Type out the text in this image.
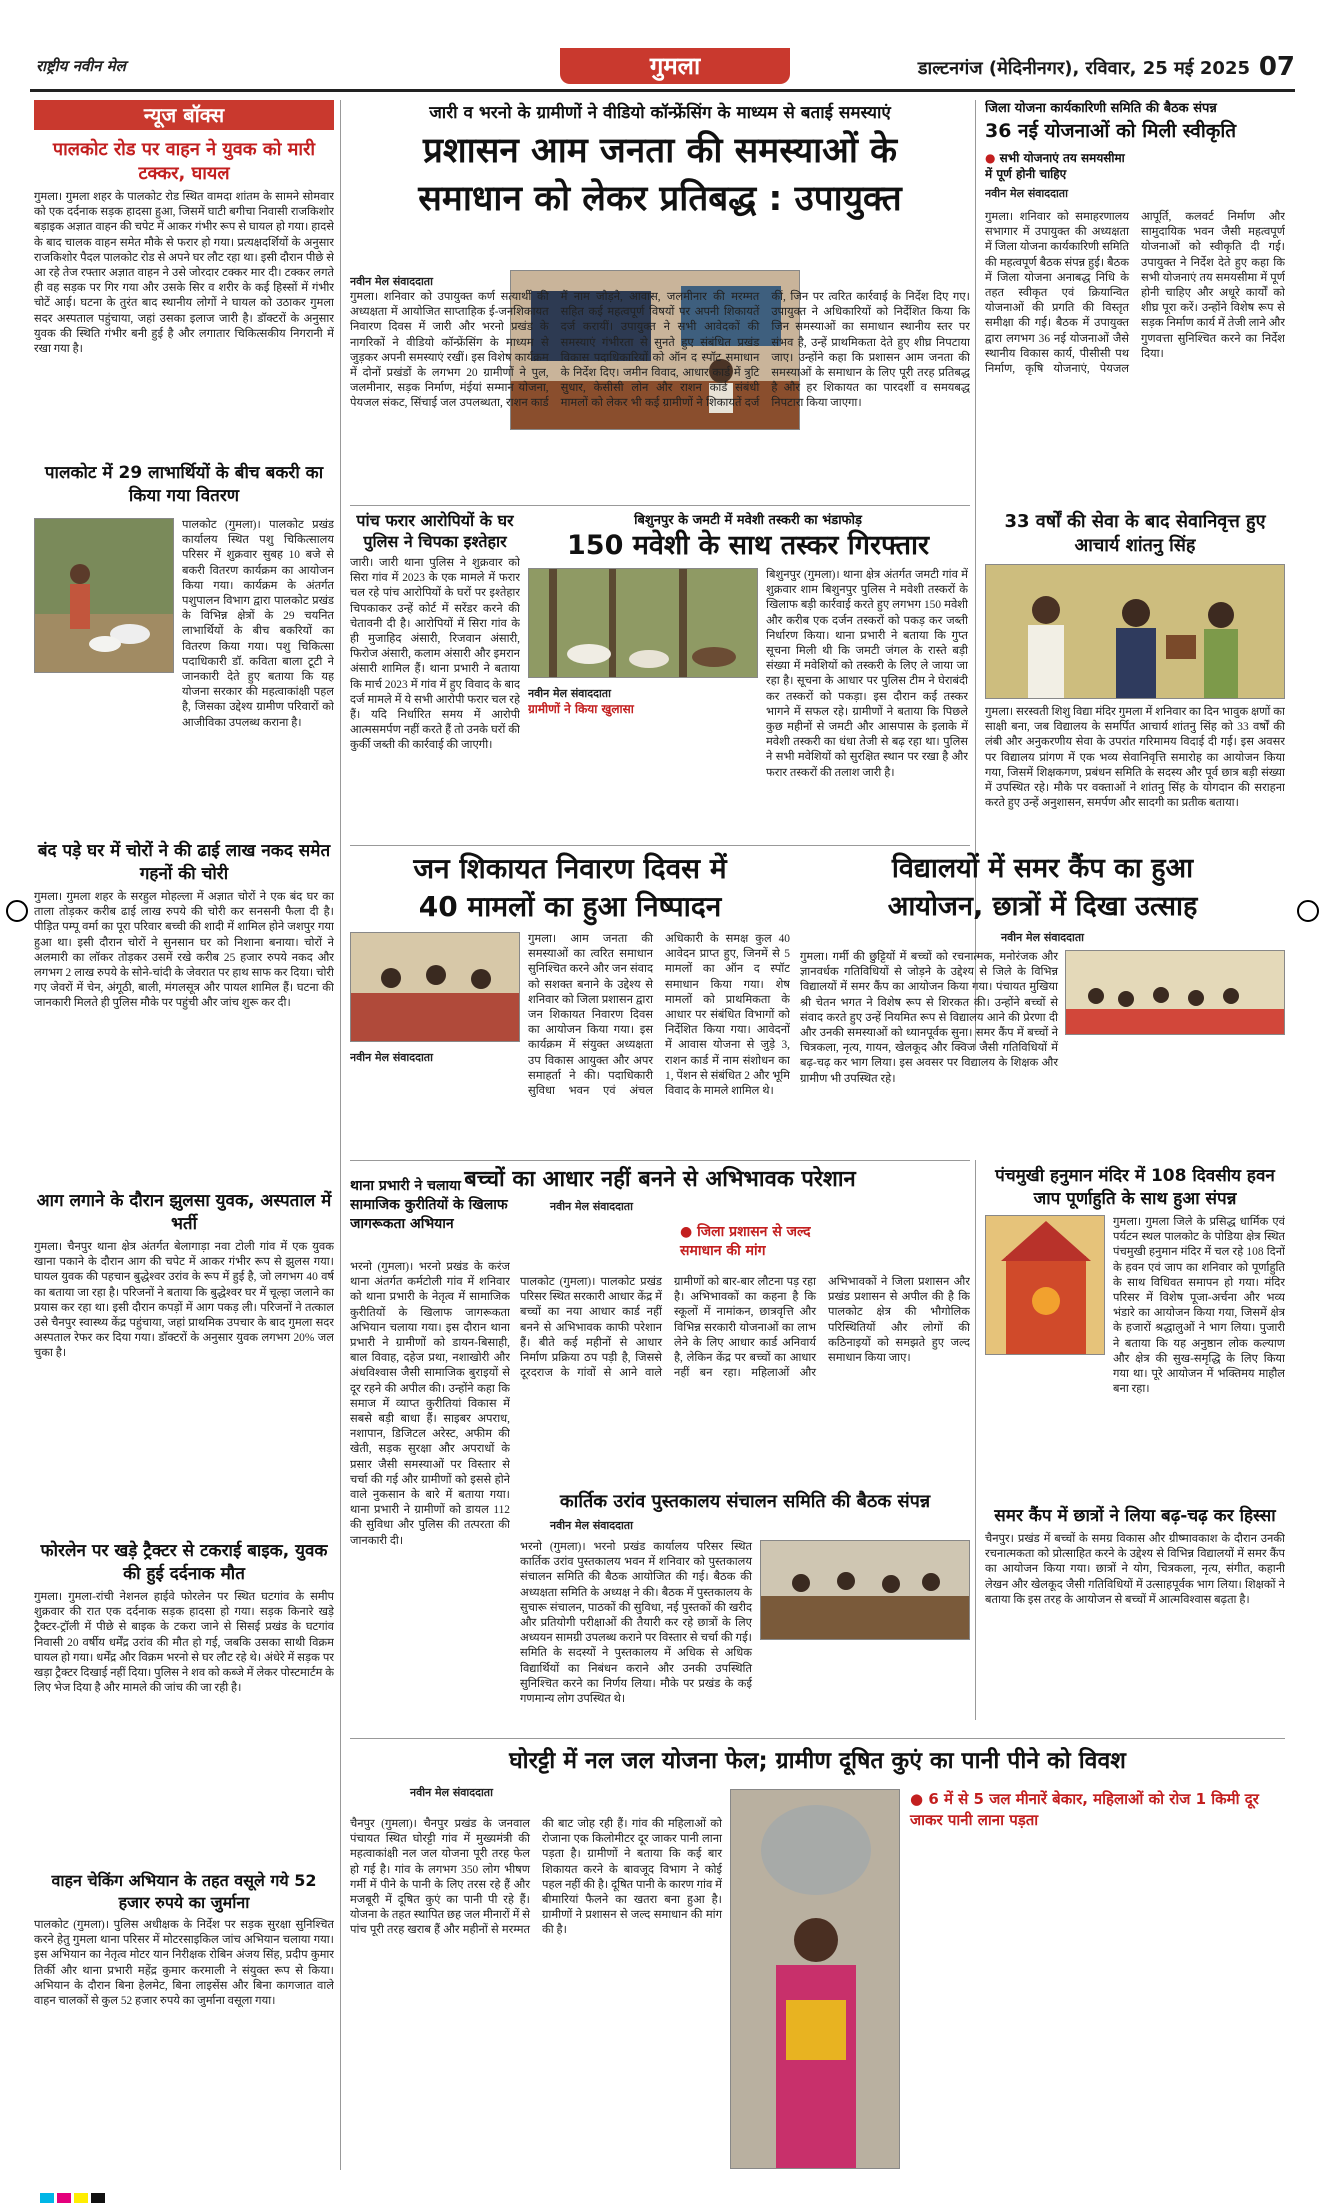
राष्ट्रीय नवीन मेल	गुमला	डाल्टनगंज (मेदिनीनगर), रविवार, 25 मई 2025 07
न्यूज बॉक्स
पालकोट रोड पर वाहन ने युवक को मारी टक्कर, घायल
गुमला। गुमला शहर के पालकोट रोड स्थित वामदा शांतम के सामने सोमवार को एक दर्दनाक सड़क हादसा हुआ, जिसमें घाटी बगीचा निवासी राजकिशोर बड़ाइक अज्ञात वाहन की चपेट में आकर गंभीर रूप से घायल हो गया। हादसे के बाद चालक वाहन समेत मौके से फरार हो गया। प्रत्यक्षदर्शियों के अनुसार राजकिशोर पैदल पालकोट रोड से अपने घर लौट रहा था। इसी दौरान पीछे से आ रहे तेज रफ्तार अज्ञात वाहन ने उसे जोरदार टक्कर मार दी। टक्कर लगते ही वह सड़क पर गिर गया और उसके सिर व शरीर के कई हिस्सों में गंभीर चोटें आई। घटना के तुरंत बाद स्थानीय लोगों ने घायल को उठाकर गुमला सदर अस्पताल पहुंचाया, जहां उसका इलाज जारी है। डॉक्टरों के अनुसार युवक की स्थिति गंभीर बनी हुई है और लगातार चिकित्सकीय निगरानी में रखा गया है।
पालकोट में 29 लाभार्थियों के बीच बकरी का किया गया वितरण
पालकोट (गुमला)। पालकोट प्रखंड कार्यालय स्थित पशु चिकित्सालय परिसर में शुक्रवार सुबह 10 बजे से बकरी वितरण कार्यक्रम का आयोजन किया गया। कार्यक्रम के अंतर्गत पशुपालन विभाग द्वारा पालकोट प्रखंड के विभिन्न क्षेत्रों के 29 चयनित लाभार्थियों के बीच बकरियों का वितरण किया गया। पशु चिकित्सा पदाधिकारी डॉ. कविता बाला टूटी ने जानकारी देते हुए बताया कि यह योजना सरकार की महत्वाकांक्षी पहल है, जिसका उद्देश्य ग्रामीण परिवारों को आजीविका उपलब्ध कराना है।
बंद पड़े घर में चोरों ने की ढाई लाख नकद समेत गहनों की चोरी
गुमला। गुमला शहर के सरहुल मोहल्ला में अज्ञात चोरों ने एक बंद घर का ताला तोड़कर करीब ढाई लाख रुपये की चोरी कर सनसनी फैला दी है। पीड़ित पम्पू वर्मा का पूरा परिवार बच्ची की शादी में शामिल होने जशपुर गया हुआ था। इसी दौरान चोरों ने सुनसान घर को निशाना बनाया। चोरों ने अलमारी का लॉकर तोड़कर उसमें रखे करीब 25 हजार रुपये नकद और लगभग 2 लाख रुपये के सोने-चांदी के जेवरात पर हाथ साफ कर दिया। चोरी गए जेवरों में चेन, अंगूठी, बाली, मंगलसूत्र और पायल शामिल हैं। घटना की जानकारी मिलते ही पुलिस मौके पर पहुंची और जांच शुरू कर दी।
आग लगाने के दौरान झुलसा युवक, अस्पताल में भर्ती
गुमला। चैनपुर थाना क्षेत्र अंतर्गत बेलागाड़ा नवा टोली गांव में एक युवक खाना पकाने के दौरान आग की चपेट में आकर गंभीर रूप से झुलस गया। घायल युवक की पहचान बुद्धेश्वर उरांव के रूप में हुई है, जो लगभग 40 वर्ष का बताया जा रहा है। परिजनों ने बताया कि बुद्धेश्वर घर में चूल्हा जलाने का प्रयास कर रहा था। इसी दौरान कपड़ों में आग पकड़ ली। परिजनों ने तत्काल उसे चैनपुर स्वास्थ्य केंद्र पहुंचाया, जहां प्राथमिक उपचार के बाद गुमला सदर अस्पताल रेफर कर दिया गया। डॉक्टरों के अनुसार युवक लगभग 20% जल चुका है।
फोरलेन पर खड़े ट्रैक्टर से टकराई बाइक, युवक की हुई दर्दनाक मौत
गुमला। गुमला-रांची नेशनल हाईवे फोरलेन पर स्थित घटगांव के समीप शुक्रवार की रात एक दर्दनाक सड़क हादसा हो गया। सड़क किनारे खड़े ट्रैक्टर-ट्रॉली में पीछे से बाइक के टकरा जाने से सिसई प्रखंड के घटगांव निवासी 20 वर्षीय धर्मेंद्र उरांव की मौत हो गई, जबकि उसका साथी विक्रम घायल हो गया। धर्मेंद्र और विक्रम भरनो से घर लौट रहे थे। अंधेरे में सड़क पर खड़ा ट्रैक्टर दिखाई नहीं दिया। पुलिस ने शव को कब्जे में लेकर पोस्टमार्टम के लिए भेज दिया है और मामले की जांच की जा रही है।
वाहन चेकिंग अभियान के तहत वसूले गये 52 हजार रुपये का जुर्माना
पालकोट (गुमला)। पुलिस अधीक्षक के निर्देश पर सड़क सुरक्षा सुनिश्चित करने हेतु गुमला थाना परिसर में मोटरसाइकिल जांच अभियान चलाया गया। इस अभियान का नेतृत्व मोटर यान निरीक्षक रोबिन अंजय सिंह, प्रदीप कुमार तिर्की और थाना प्रभारी महेंद्र कुमार करमाली ने संयुक्त रूप से किया। अभियान के दौरान बिना हेलमेट, बिना लाइसेंस और बिना कागजात वाले वाहन चालकों से कुल 52 हजार रुपये का जुर्माना वसूला गया।
जारी व भरनो के ग्रामीणों ने वीडियो कॉन्फ्रेंसिंग के माध्यम से बताई समस्याएं
प्रशासन आम जनता की समस्याओं के
समाधान को लेकर प्रतिबद्ध : उपायुक्त
नवीन मेल संवाददाता
गुमला। शनिवार को उपायुक्त कर्ण सत्यार्थी की अध्यक्षता में आयोजित साप्ताहिक ई-जनशिकायत निवारण दिवस में जारी और भरनो प्रखंड के नागरिकों ने वीडियो कॉन्फ्रेंसिंग के माध्यम से जुड़कर अपनी समस्याएं रखीं। इस विशेष कार्यक्रम में दोनों प्रखंडों के लगभग 20 ग्रामीणों ने पुल, जलमीनार, सड़क निर्माण, मंईयां सम्मान योजना, पेयजल संकट, सिंचाई जल उपलब्धता, राशन कार्ड में नाम जोड़ने, आवास, जलमीनार की मरम्मत सहित कई महत्वपूर्ण विषयों पर अपनी शिकायतें दर्ज करायीं। उपायुक्त ने सभी आवेदकों की समस्याएं गंभीरता से सुनते हुए संबंधित प्रखंड विकास पदाधिकारियों को ऑन द स्पॉट समाधान के निर्देश दिए। जमीन विवाद, आधार कार्ड में त्रुटि सुधार, केसीसी लोन और राशन कार्ड संबंधी मामलों को लेकर भी कई ग्रामीणों ने शिकायतें दर्ज कीं, जिन पर त्वरित कार्रवाई के निर्देश दिए गए। उपायुक्त ने अधिकारियों को निर्देशित किया कि जिन समस्याओं का समाधान स्थानीय स्तर पर संभव है, उन्हें प्राथमिकता देते हुए शीघ्र निपटाया जाए। उन्होंने कहा कि प्रशासन आम जनता की समस्याओं के समाधान के लिए पूरी तरह प्रतिबद्ध है और हर शिकायत का पारदर्शी व समयबद्ध निपटारा किया जाएगा।
जिला योजना कार्यकारिणी समिति की बैठक संपन्न
36 नई योजनाओं को मिली स्वीकृति
● सभी योजनाएं तय समयसीमा में पूर्ण होनी चाहिए
नवीन मेल संवाददाता
गुमला। शनिवार को समाहरणालय सभागार में उपायुक्त की अध्यक्षता में जिला योजना कार्यकारिणी समिति की महत्वपूर्ण बैठक संपन्न हुई। बैठक में जिला योजना अनाबद्ध निधि के तहत स्वीकृत एवं क्रियान्वित योजनाओं की प्रगति की विस्तृत समीक्षा की गई। बैठक में उपायुक्त द्वारा लगभग 36 नई योजनाओं जैसे स्थानीय विकास कार्य, पीसीसी पथ निर्माण, कृषि योजनाएं, पेयजल आपूर्ति, कलवर्ट निर्माण और सामुदायिक भवन जैसी महत्वपूर्ण योजनाओं को स्वीकृति दी गई। उपायुक्त ने निर्देश देते हुए कहा कि सभी योजनाएं तय समयसीमा में पूर्ण होनी चाहिए और अधूरे कार्यों को शीघ्र पूरा करें। उन्होंने विशेष रूप से सड़क निर्माण कार्य में तेजी लाने और गुणवत्ता सुनिश्चित करने का निर्देश दिया।
पांच फरार आरोपियों के घर पुलिस ने चिपका इश्तेहार
जारी। जारी थाना पुलिस ने शुक्रवार को सिरा गांव में 2023 के एक मामले में फरार चल रहे पांच आरोपियों के घरों पर इश्तेहार चिपकाकर उन्हें कोर्ट में सरेंडर करने की चेतावनी दी है। आरोपियों में सिरा गांव के ही मुजाहिद अंसारी, रिजवान अंसारी, फिरोज अंसारी, कलाम अंसारी और इमरान अंसारी शामिल हैं। थाना प्रभारी ने बताया कि मार्च 2023 में गांव में हुए विवाद के बाद दर्ज मामले में ये सभी आरोपी फरार चल रहे हैं। यदि निर्धारित समय में आरोपी आत्मसमर्पण नहीं करते हैं तो उनके घरों की कुर्की जब्ती की कार्रवाई की जाएगी।
बिशुनपुर के जमटी में मवेशी तस्करी का भंडाफोड़
150 मवेशी के साथ तस्कर गिरफ्तार
नवीन मेल संवाददाता
बिशुनपुर (गुमला)। थाना क्षेत्र अंतर्गत जमटी गांव में शुक्रवार शाम बिशुनपुर पुलिस ने मवेशी तस्करों के खिलाफ बड़ी कार्रवाई करते हुए लगभग 150 मवेशी और करीब एक दर्जन तस्करों को पकड़ कर जब्ती निर्धारण किया। थाना प्रभारी ने बताया कि गुप्त सूचना मिली थी कि जमटी जंगल के रास्ते बड़ी संख्या में मवेशियों को तस्करी के लिए ले जाया जा रहा है। सूचना के आधार पर पुलिस टीम ने घेराबंदी कर तस्करों को पकड़ा। इस दौरान कई तस्कर भागने में सफल रहे। ग्रामीणों ने बताया कि पिछले कुछ महीनों से जमटी और आसपास के इलाके में मवेशी तस्करी का धंधा तेजी से बढ़ रहा था। पुलिस ने सभी मवेशियों को सुरक्षित स्थान पर रखा है और फरार तस्करों की तलाश जारी है।
ग्रामीणों ने किया खुलासा
33 वर्षों की सेवा के बाद सेवानिवृत्त हुए आचार्य शांतनु सिंह
गुमला। सरस्वती शिशु विद्या मंदिर गुमला में शनिवार का दिन भावुक क्षणों का साक्षी बना, जब विद्यालय के समर्पित आचार्य शांतनु सिंह को 33 वर्षों की लंबी और अनुकरणीय सेवा के उपरांत गरिमामय विदाई दी गई। इस अवसर पर विद्यालय प्रांगण में एक भव्य सेवानिवृत्ति समारोह का आयोजन किया गया, जिसमें शिक्षकगण, प्रबंधन समिति के सदस्य और पूर्व छात्र बड़ी संख्या में उपस्थित रहे। मौके पर वक्ताओं ने शांतनु सिंह के योगदान की सराहना करते हुए उन्हें अनुशासन, समर्पण और सादगी का प्रतीक बताया।
जन शिकायत निवारण दिवस में
40 मामलों का हुआ निष्पादन
नवीन मेल संवाददाता
गुमला। आम जनता की समस्याओं का त्वरित समाधान सुनिश्चित करने और जन संवाद को सशक्त बनाने के उद्देश्य से शनिवार को जिला प्रशासन द्वारा जन शिकायत निवारण दिवस का आयोजन किया गया। इस कार्यक्रम में संयुक्त अध्यक्षता उप विकास आयुक्त और अपर समाहर्ता ने की। पदाधिकारी सुविधा भवन एवं अंचल अधिकारी के समक्ष कुल 40 आवेदन प्राप्त हुए, जिनमें से 5 मामलों का ऑन द स्पॉट समाधान किया गया। शेष मामलों को प्राथमिकता के आधार पर संबंधित विभागों को निर्देशित किया गया। आवेदनों में आवास योजना से जुड़े 3, राशन कार्ड में नाम संशोधन का 1, पेंशन से संबंधित 2 और भूमि विवाद के मामले शामिल थे।
विद्यालयों में समर कैंप का हुआ
आयोजन, छात्रों में दिखा उत्साह
नवीन मेल संवाददाता
गुमला। गर्मी की छुट्टियों में बच्चों को रचनात्मक, मनोरंजक और ज्ञानवर्धक गतिविधियों से जोड़ने के उद्देश्य से जिले के विभिन्न विद्यालयों में समर कैंप का आयोजन किया गया। पंचायत मुखिया श्री चेतन भगत ने विशेष रूप से शिरकत की। उन्होंने बच्चों से संवाद करते हुए उन्हें नियमित रूप से विद्यालय आने की प्रेरणा दी और उनकी समस्याओं को ध्यानपूर्वक सुना। समर कैंप में बच्चों ने चित्रकला, नृत्य, गायन, खेलकूद और क्विज जैसी गतिविधियों में बढ़-चढ़ कर भाग लिया। इस अवसर पर विद्यालय के शिक्षक और ग्रामीण भी उपस्थित रहे।
बच्चों का आधार नहीं बनने से अभिभावक परेशान
नवीन मेल संवाददाता
थाना प्रभारी ने चलाया सामाजिक कुरीतियों के खिलाफ जागरूकता अभियान	● जिला प्रशासन से जल्द समाधान की मांग
पालकोट (गुमला)। पालकोट प्रखंड परिसर स्थित सरकारी आधार केंद्र में बच्चों का नया आधार कार्ड नहीं बनने से अभिभावक काफी परेशान हैं। बीते कई महीनों से आधार निर्माण प्रक्रिया ठप पड़ी है, जिससे दूरदराज के गांवों से आने वाले ग्रामीणों को बार-बार लौटना पड़ रहा है। अभिभावकों का कहना है कि स्कूलों में नामांकन, छात्रवृत्ति और विभिन्न सरकारी योजनाओं का लाभ लेने के लिए आधार कार्ड अनिवार्य है, लेकिन केंद्र पर बच्चों का आधार नहीं बन रहा। महिलाओं और अभिभावकों ने जिला प्रशासन और प्रखंड प्रशासन से अपील की है कि पालकोट क्षेत्र की भौगोलिक परिस्थितियों और लोगों की कठिनाइयों को समझते हुए जल्द समाधान किया जाए।
भरनो (गुमला)। भरनो प्रखंड के करंज थाना अंतर्गत कर्मटोली गांव में शनिवार को थाना प्रभारी के नेतृत्व में सामाजिक कुरीतियों के खिलाफ जागरूकता अभियान चलाया गया। इस दौरान थाना प्रभारी ने ग्रामीणों को डायन-बिसाही, बाल विवाह, दहेज प्रथा, नशाखोरी और अंधविश्वास जैसी सामाजिक बुराइयों से दूर रहने की अपील की। उन्होंने कहा कि समाज में व्याप्त कुरीतियां विकास में सबसे बड़ी बाधा हैं। साइबर अपराध, नशापान, डिजिटल अरेस्ट, अफीम की खेती, सड़क सुरक्षा और अपराधों के प्रसार जैसी समस्याओं पर विस्तार से चर्चा की गई और ग्रामीणों को इससे होने वाले नुकसान के बारे में बताया गया। थाना प्रभारी ने ग्रामीणों को डायल 112 की सुविधा और पुलिस की तत्परता की जानकारी दी।
कार्तिक उरांव पुस्तकालय संचालन समिति की बैठक संपन्न
नवीन मेल संवाददाता
भरनो (गुमला)। भरनो प्रखंड कार्यालय परिसर स्थित कार्तिक उरांव पुस्तकालय भवन में शनिवार को पुस्तकालय संचालन समिति की बैठक आयोजित की गई। बैठक की अध्यक्षता समिति के अध्यक्ष ने की। बैठक में पुस्तकालय के सुचारू संचालन, पाठकों की सुविधा, नई पुस्तकों की खरीद और प्रतियोगी परीक्षाओं की तैयारी कर रहे छात्रों के लिए अध्ययन सामग्री उपलब्ध कराने पर विस्तार से चर्चा की गई। समिति के सदस्यों ने पुस्तकालय में अधिक से अधिक विद्यार्थियों का निबंधन कराने और उनकी उपस्थिति सुनिश्चित करने का निर्णय लिया। मौके पर प्रखंड के कई गणमान्य लोग उपस्थित थे।
पंचमुखी हनुमान मंदिर में 108 दिवसीय हवन जाप पूर्णाहुति के साथ हुआ संपन्न
गुमला। गुमला जिले के प्रसिद्ध धार्मिक एवं पर्यटन स्थल पालकोट के पोडिया क्षेत्र स्थित पंचमुखी हनुमान मंदिर में चल रहे 108 दिनों के हवन एवं जाप का शनिवार को पूर्णाहुति के साथ विधिवत समापन हो गया। मंदिर परिसर में विशेष पूजा-अर्चना और भव्य भंडारे का आयोजन किया गया, जिसमें क्षेत्र के हजारों श्रद्धालुओं ने भाग लिया। पुजारी ने बताया कि यह अनुष्ठान लोक कल्याण और क्षेत्र की सुख-समृद्धि के लिए किया गया था। पूरे आयोजन में भक्तिमय माहौल बना रहा।
समर कैंप में छात्रों ने लिया बढ़-चढ़ कर हिस्सा
चैनपुर। प्रखंड में बच्चों के समग्र विकास और ग्रीष्मावकाश के दौरान उनकी रचनात्मकता को प्रोत्साहित करने के उद्देश्य से विभिन्न विद्यालयों में समर कैंप का आयोजन किया गया। छात्रों ने योग, चित्रकला, नृत्य, संगीत, कहानी लेखन और खेलकूद जैसी गतिविधियों में उत्साहपूर्वक भाग लिया। शिक्षकों ने बताया कि इस तरह के आयोजन से बच्चों में आत्मविश्वास बढ़ता है।
घोरट्टी में नल जल योजना फेल; ग्रामीण दूषित कुएं का पानी पीने को विवश
नवीन मेल संवाददाता
चैनपुर (गुमला)। चैनपुर प्रखंड के जनवाल पंचायत स्थित घोरट्टी गांव में मुख्यमंत्री की महत्वाकांक्षी नल जल योजना पूरी तरह फेल हो गई है। गांव के लगभग 350 लोग भीषण गर्मी में पीने के पानी के लिए तरस रहे हैं और मजबूरी में दूषित कुएं का पानी पी रहे हैं। योजना के तहत स्थापित छह जल मीनारों में से पांच पूरी तरह खराब हैं और महीनों से मरम्मत की बाट जोह रही हैं। गांव की महिलाओं को रोजाना एक किलोमीटर दूर जाकर पानी लाना पड़ता है। ग्रामीणों ने बताया कि कई बार शिकायत करने के बावजूद विभाग ने कोई पहल नहीं की है। दूषित पानी के कारण गांव में बीमारियां फैलने का खतरा बना हुआ है। ग्रामीणों ने प्रशासन से जल्द समाधान की मांग की है।
● 6 में से 5 जल मीनारें बेकार, महिलाओं को रोज 1 किमी दूर जाकर पानी लाना पड़ता
